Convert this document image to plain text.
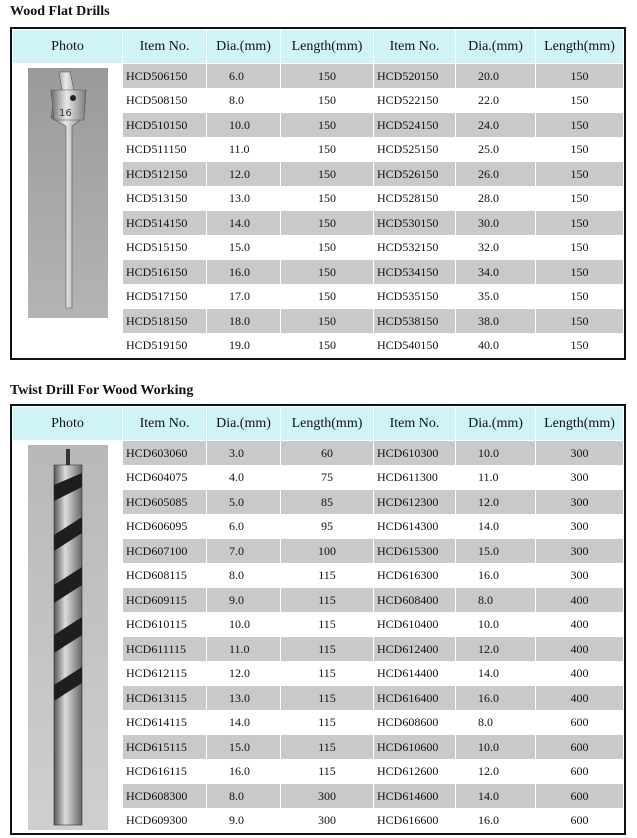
Wood Flat Drills
Photo	Item No.	Dia.(mm)	Length(mm)	Item No.	Dia.(mm)	Length(mm)

16	HCD506150	6.0	150	HCD520150	20.0	150
	HCD508150	8.0	150	HCD522150	22.0	150
	HCD510150	10.0	150	HCD524150	24.0	150
	HCD511150	11.0	150	HCD525150	25.0	150
	HCD512150	12.0	150	HCD526150	26.0	150
	HCD513150	13.0	150	HCD528150	28.0	150
	HCD514150	14.0	150	HCD530150	30.0	150
	HCD515150	15.0	150	HCD532150	32.0	150
	HCD516150	16.0	150	HCD534150	34.0	150
	HCD517150	17.0	150	HCD535150	35.0	150
	HCD518150	18.0	150	HCD538150	38.0	150
	HCD519150	19.0	150	HCD540150	40.0	150
Twist Drill For Wood Working
Photo	Item No.	Dia.(mm)	Length(mm)	Item No.	Dia.(mm)	Length(mm)

	HCD603060	3.0	60	HCD610300	10.0	300
	HCD604075	4.0	75	HCD611300	11.0	300
	HCD605085	5.0	85	HCD612300	12.0	300
	HCD606095	6.0	95	HCD614300	14.0	300
	HCD607100	7.0	100	HCD615300	15.0	300
	HCD608115	8.0	115	HCD616300	16.0	300
	HCD609115	9.0	115	HCD608400	8.0	400
	HCD610115	10.0	115	HCD610400	10.0	400
	HCD611115	11.0	115	HCD612400	12.0	400
	HCD612115	12.0	115	HCD614400	14.0	400
	HCD613115	13.0	115	HCD616400	16.0	400
	HCD614115	14.0	115	HCD608600	8.0	600
	HCD615115	15.0	115	HCD610600	10.0	600
	HCD616115	16.0	115	HCD612600	12.0	600
	HCD608300	8.0	300	HCD614600	14.0	600
	HCD609300	9.0	300	HCD616600	16.0	600
